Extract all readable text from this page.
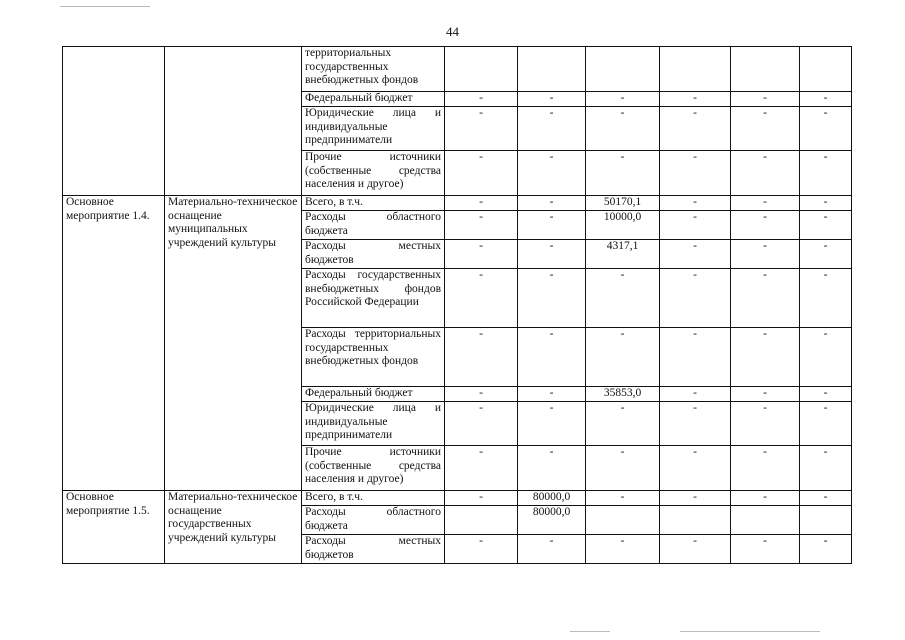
44
		территориальных государственных внебюджетных фондов						
		Федеральный бюджет	-	-	-	-	-	-
		Юридические лица и индивидуальные предприниматели	-	-	-	-	-	-
		Прочие источники (собственные средства населения и другое)	-	-	-	-	-	-
Основное мероприятие 1.4.	Материально-техническое оснащение муниципальных учреждений культуры	Всего, в т.ч.	-	-	50170,1	-	-	-
		Расходы областного бюджета	-	-	10000,0	-	-	-
		Расходы местных бюджетов	-	-	4317,1	-	-	-
		Расходы государственных внебюджетных фондов Российской Федерации	-	-	-	-	-	-
		Расходы территориальных государственных внебюджетных фондов	-	-	-	-	-	-
		Федеральный бюджет	-	-	35853,0	-	-	-
		Юридические лица и индивидуальные предприниматели	-	-	-	-	-	-
		Прочие источники (собственные средства населения и другое)	-	-	-	-	-	-
Основное мероприятие 1.5.	Материально-техническое оснащение государственных учреждений культуры	Всего, в т.ч.	-	80000,0	-	-	-	-
		Расходы областного бюджета		80000,0				
		Расходы местных бюджетов	-	-	-	-	-	-
